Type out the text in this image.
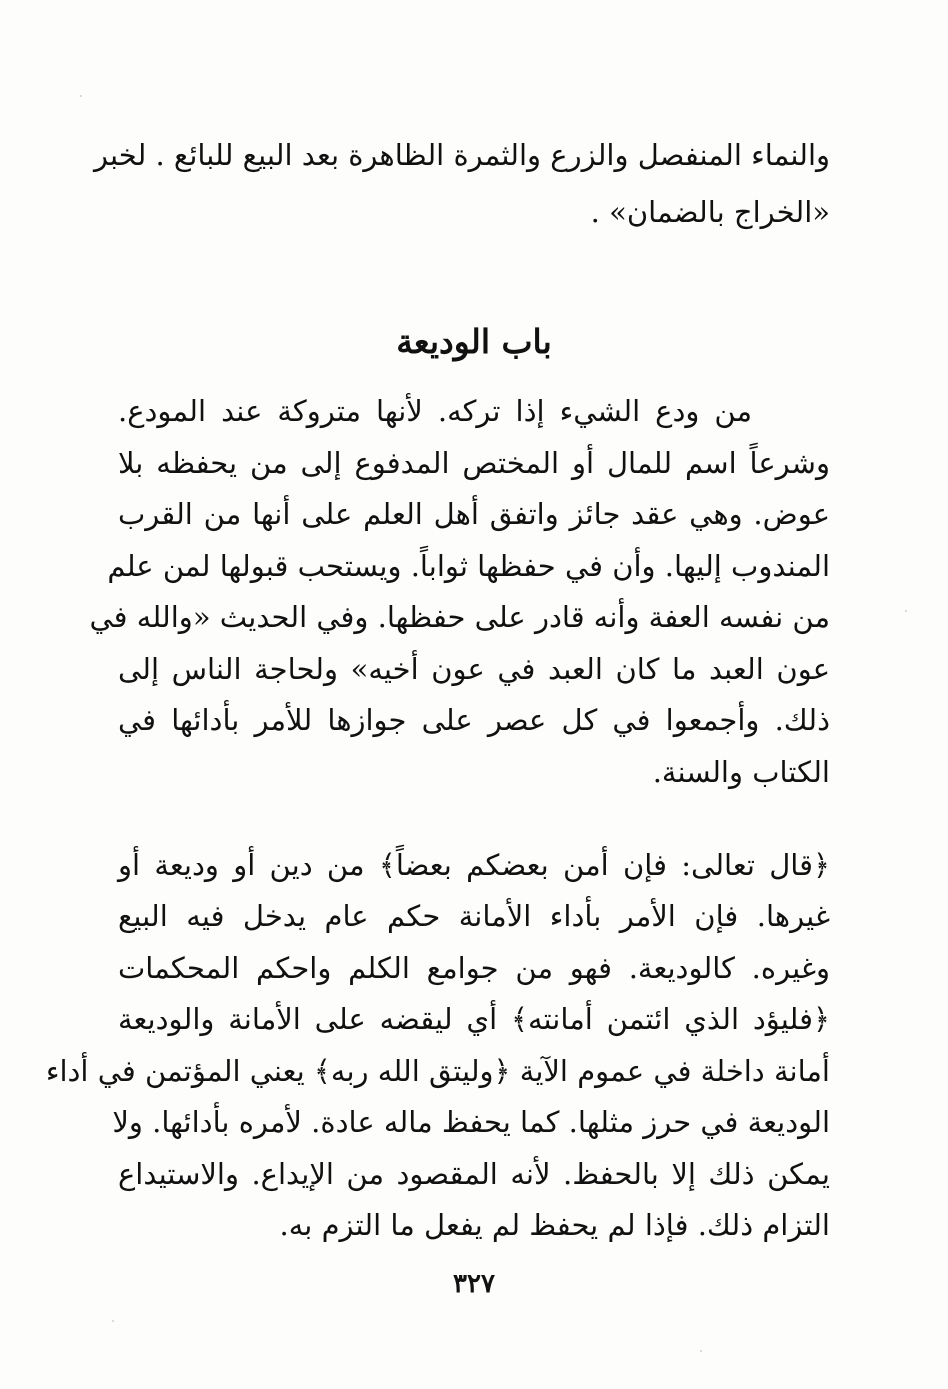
والنماء المنفصل والزرع والثمرة الظاهرة بعد البيع للبائع . لخبر
«الخراج بالضمان» .
باب الوديعة
من ودع الشيء إذا تركه. لأنها متروكة عند المودع.
وشرعاً اسم للمال أو المختص المدفوع إلى من يحفظه بلا
عوض. وهي عقد جائز واتفق أهل العلم على أنها من القرب
المندوب إليها. وأن في حفظها ثواباً. ويستحب قبولها لمن علم
من نفسه العفة وأنه قادر على حفظها. وفي الحديث «والله في
عون العبد ما كان العبد في عون أخيه» ولحاجة الناس إلى
ذلك. وأجمعوا في كل عصر على جوازها للأمر بأدائها في
الكتاب والسنة.
﴿قال تعالى: فإن أمن بعضكم بعضاً﴾ من دين أو وديعة أو
غيرها. فإن الأمر بأداء الأمانة حكم عام يدخل فيه البيع
وغيره. كالوديعة. فهو من جوامع الكلم واحكم المحكمات
﴿فليؤد الذي ائتمن أمانته﴾ أي ليقضه على الأمانة والوديعة
أمانة داخلة في عموم الآية ﴿وليتق الله ربه﴾ يعني المؤتمن في أداء
الوديعة في حرز مثلها. كما يحفظ ماله عادة. لأمره بأدائها. ولا
يمكن ذلك إلا بالحفظ. لأنه المقصود من الإيداع. والاستيداع
التزام ذلك. فإذا لم يحفظ لم يفعل ما التزم به.
٣٢٧
